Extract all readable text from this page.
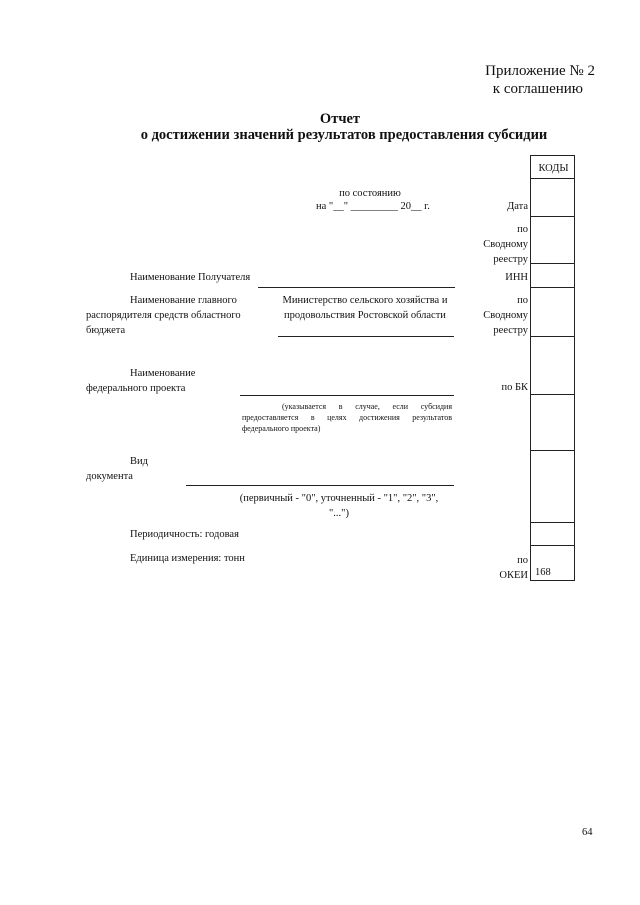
Приложение № 2
к соглашению
Отчет
о достижении значений результатов предоставления субсидии
по состоянию
на "__" _________ 20__ г.
КОДЫ
168
Дата
по
Сводному
реестру
ИНН
по
Сводному
реестру
по БК
по
ОКЕИ
Наименование Получателя
Наименование главного распорядителя средств областного бюджета
Министерство сельского хозяйства и продовольствия Ростовской области
Наименование федерального проекта
(указывается в случае, если субсидия предоставляется в целях достижения результатов федерального проекта)
Вид документа
(первичный - "0", уточненный - "1", "2", "3", "...")
Периодичность: годовая
Единица измерения: тонн
64
